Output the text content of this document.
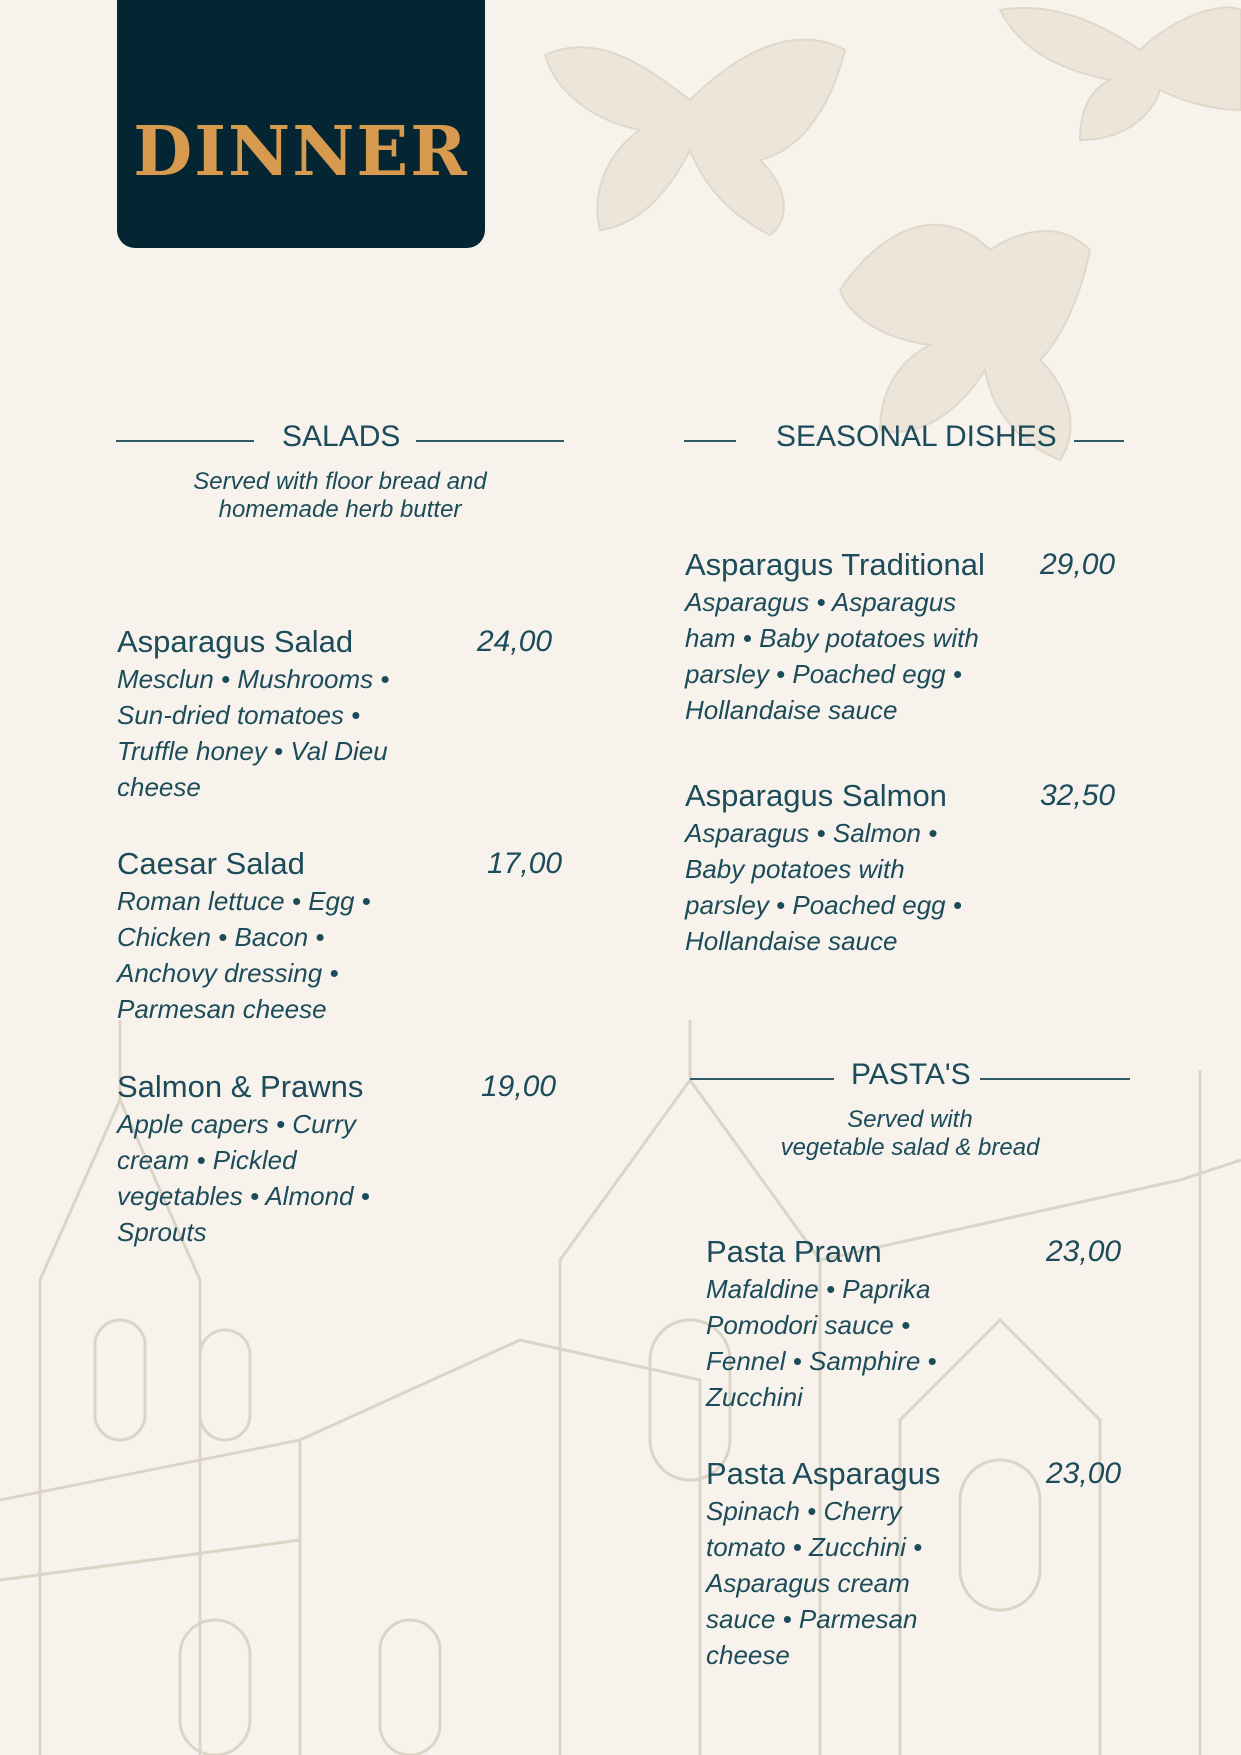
DINNER
SALADS
Served with floor bread and
homemade herb butter
Asparagus Salad	24,00
Mesclun • Mushrooms • Sun-dried tomatoes • Truffle honey • Val Dieu cheese
Caesar Salad	17,00
Roman lettuce • Egg • Chicken • Bacon • Anchovy dressing • Parmesan cheese
Salmon & Prawns	19,00
Apple capers • Curry cream • Pickled vegetables • Almond • Sprouts
SEASONAL DISHES
Asparagus Traditional	29,00
Asparagus • Asparagus ham • Baby potatoes with parsley • Poached egg • Hollandaise sauce
Asparagus Salmon	32,50
Asparagus • Salmon • Baby potatoes with parsley • Poached egg • Hollandaise sauce
PASTA'S
Served with
vegetable salad & bread
Pasta Prawn	23,00
Mafaldine • Paprika Pomodori sauce • Fennel • Samphire • Zucchini
Pasta Asparagus	23,00
Spinach • Cherry tomato • Zucchini • Asparagus cream sauce • Parmesan cheese
